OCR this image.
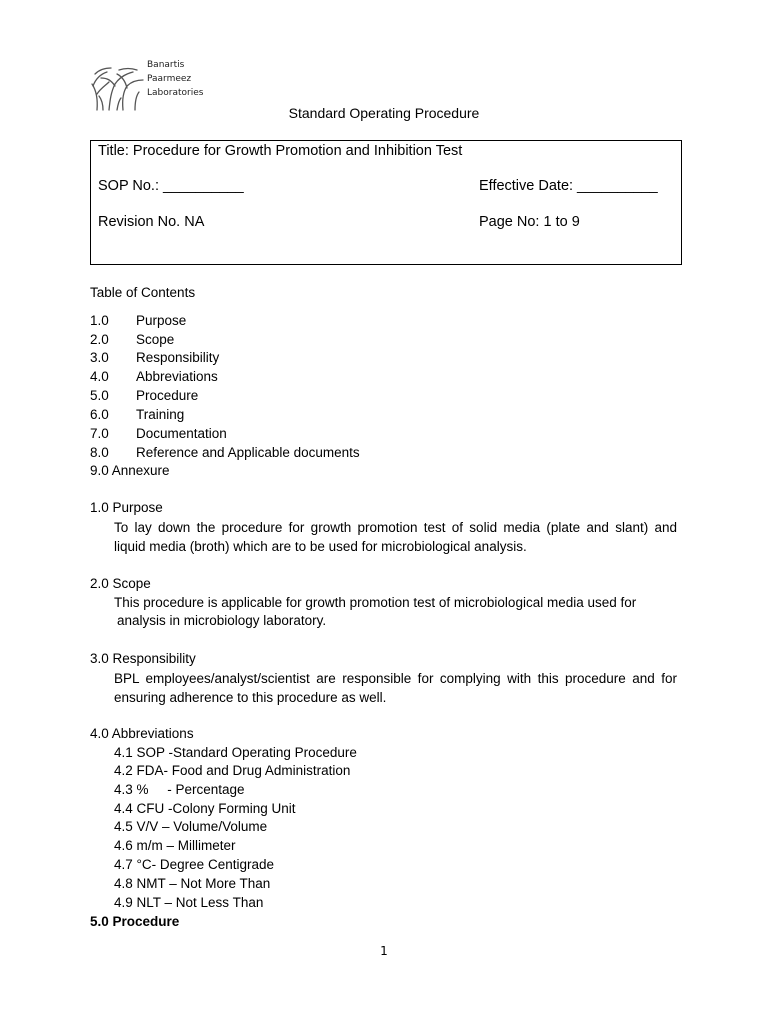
Banartis
Paarmeez
Laboratories
Standard Operating Procedure
Title: Procedure for Growth Promotion and Inhibition Test
SOP No.: __________	Effective Date: __________
Revision No. NA	Page No: 1 to 9
Table of Contents
1.0 Purpose
2.0 Scope
3.0 Responsibility
4.0 Abbreviations
5.0 Procedure
6.0 Training
7.0 Documentation
8.0 Reference and Applicable documents
9.0 Annexure
1.0 Purpose
To lay down the procedure for growth promotion test of solid media (plate and slant) and
liquid media (broth) which are to be used for microbiological analysis.
2.0 Scope
This procedure is applicable for growth promotion test of microbiological media used for
analysis in microbiology laboratory.
3.0 Responsibility
BPL employees/analyst/scientist are responsible for complying with this procedure and for
ensuring adherence to this procedure as well.
4.0 Abbreviations
4.1 SOP -Standard Operating Procedure
4.2 FDA- Food and Drug Administration
4.3 %     - Percentage
4.4 CFU -Colony Forming Unit
4.5 V/V – Volume/Volume
4.6 m/m – Millimeter
4.7 °C- Degree Centigrade
4.8 NMT – Not More Than
4.9 NLT – Not Less Than
5.0 Procedure
1
